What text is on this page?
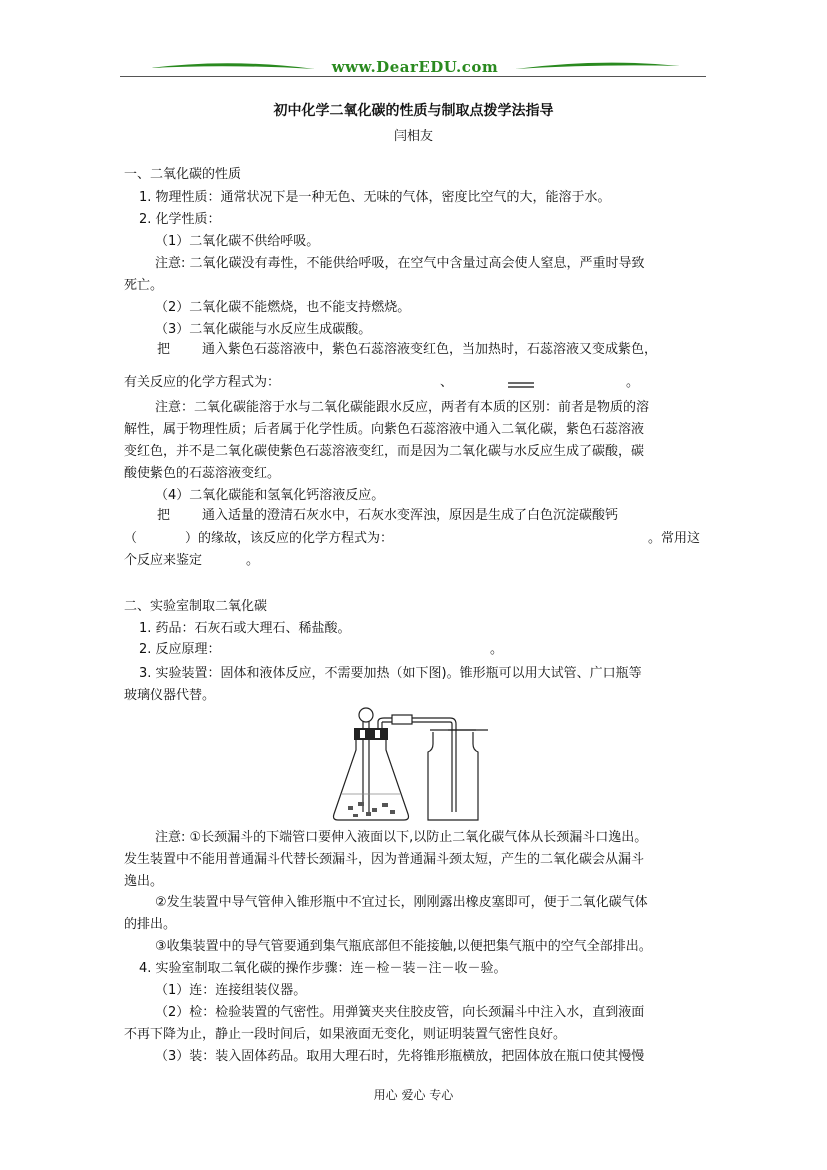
www.DearEDU.com
初中化学二氧化碳的性质与制取点拨学法指导
闫相友
一、二氧化碳的性质
1. 物理性质：通常状况下是一种无色、无味的气体，密度比空气的大，能溶于水。
2. 化学性质：
（1）二氧化碳不供给呼吸。
注意: 二氧化碳没有毒性，不能供给呼吸，在空气中含量过高会使人窒息，严重时导致
死亡。
（2）二氧化碳不能燃烧，也不能支持燃烧。
（3）二氧化碳能与水反应生成碳酸。
把 通入紫色石蕊溶液中，紫色石蕊溶液变红色，当加热时，石蕊溶液又变成紫色，
有关反应的化学方程式为：	、	。
注意：二氧化碳能溶于水与二氧化碳能跟水反应，两者有本质的区别：前者是物质的溶
解性，属于物理性质；后者属于化学性质。向紫色石蕊溶液中通入二氧化碳，紫色石蕊溶液
变红色，并不是二氧化碳使紫色石蕊溶液变红，而是因为二氧化碳与水反应生成了碳酸，碳
酸使紫色的石蕊溶液变红。
（4）二氧化碳能和氢氧化钙溶液反应。
把 通入适量的澄清石灰水中，石灰水变浑浊，原因是生成了白色沉淀碳酸钙
（	）的缘故，该反应的化学方程式为：	。常用这
个反应来鉴定	。
二、实验室制取二氧化碳
1. 药品：石灰石或大理石、稀盐酸。
2. 反应原理：	。
3. 实验装置：固体和液体反应，不需要加热（如下图)。锥形瓶可以用大试管、广口瓶等
玻璃仪器代替。
注意: ①长颈漏斗的下端管口要伸入液面以下,以防止二氧化碳气体从长颈漏斗口逸出。
发生装置中不能用普通漏斗代替长颈漏斗，因为普通漏斗颈太短，产生的二氧化碳会从漏斗
逸出。
②发生装置中导气管伸入锥形瓶中不宜过长，刚刚露出橡皮塞即可，便于二氧化碳气体
的排出。
③收集装置中的导气管要通到集气瓶底部但不能接触,以便把集气瓶中的空气全部排出。
4. 实验室制取二氧化碳的操作步骤：连－检－装－注－收－验。
（1）连：连接组装仪器。
（2）检：检验装置的气密性。用弹簧夹夹住胶皮管，向长颈漏斗中注入水，直到液面
不再下降为止，静止一段时间后，如果液面无变化，则证明装置气密性良好。
（3）装：装入固体药品。取用大理石时，先将锥形瓶横放，把固体放在瓶口使其慢慢
用心 爱心 专心
